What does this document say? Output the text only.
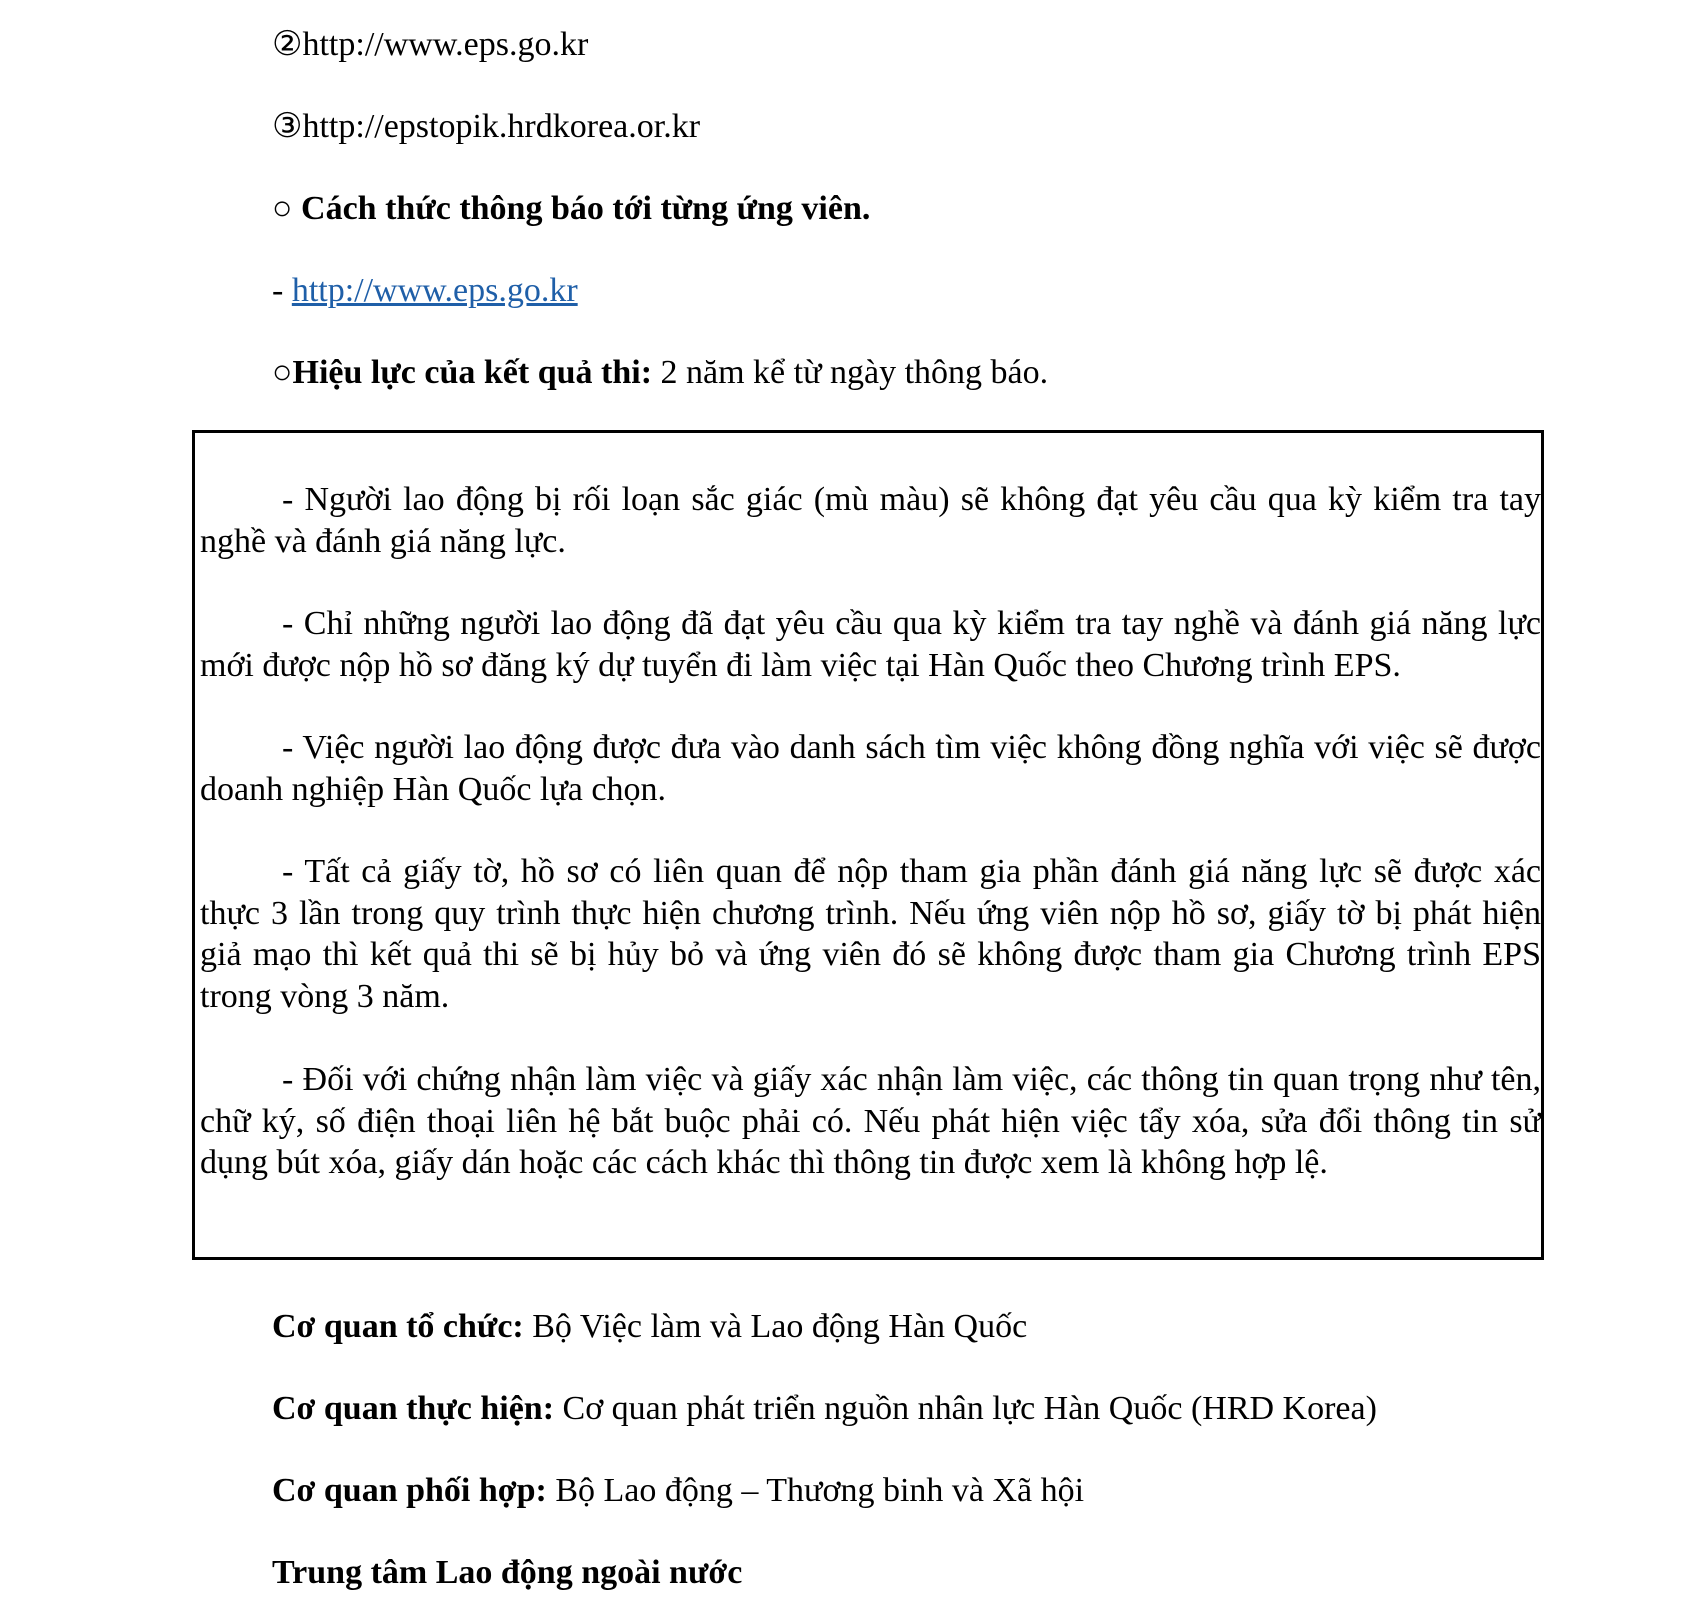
②http://www.eps.go.kr
③http://epstopik.hrdkorea.or.kr
○ Cách thức thông báo tới từng ứng viên.
- http://www.eps.go.kr
○Hiệu lực của kết quả thi: 2 năm kể từ ngày thông báo.

- Người lao động bị rối loạn sắc giác (mù màu) sẽ không đạt yêu cầu qua kỳ kiểm tra tay nghề và đánh giá năng lực.

- Chỉ những người lao động đã đạt yêu cầu qua kỳ kiểm tra tay nghề và đánh giá năng lực mới được nộp hồ sơ đăng ký dự tuyển đi làm việc tại Hàn Quốc theo Chương trình EPS.

- Việc người lao động được đưa vào danh sách tìm việc không đồng nghĩa với việc sẽ được doanh nghiệp Hàn Quốc lựa chọn.

- Tất cả giấy tờ, hồ sơ có liên quan để nộp tham gia phần đánh giá năng lực sẽ được xác thực 3 lần trong quy trình thực hiện chương trình. Nếu ứng viên nộp hồ sơ, giấy tờ bị phát hiện giả mạo thì kết quả thi sẽ bị hủy bỏ và ứng viên đó sẽ không được tham gia Chương trình EPS trong vòng 3 năm.

- Đối với chứng nhận làm việc và giấy xác nhận làm việc, các thông tin quan trọng như tên, chữ ký, số điện thoại liên hệ bắt buộc phải có. Nếu phát hiện việc tẩy xóa, sửa đổi thông tin sử dụng bút xóa, giấy dán hoặc các cách khác thì thông tin được xem là không hợp lệ.

Cơ quan tổ chức: Bộ Việc làm và Lao động Hàn Quốc
Cơ quan thực hiện: Cơ quan phát triển nguồn nhân lực Hàn Quốc (HRD Korea)
Cơ quan phối hợp: Bộ Lao động – Thương binh và Xã hội
Trung tâm Lao động ngoài nước
